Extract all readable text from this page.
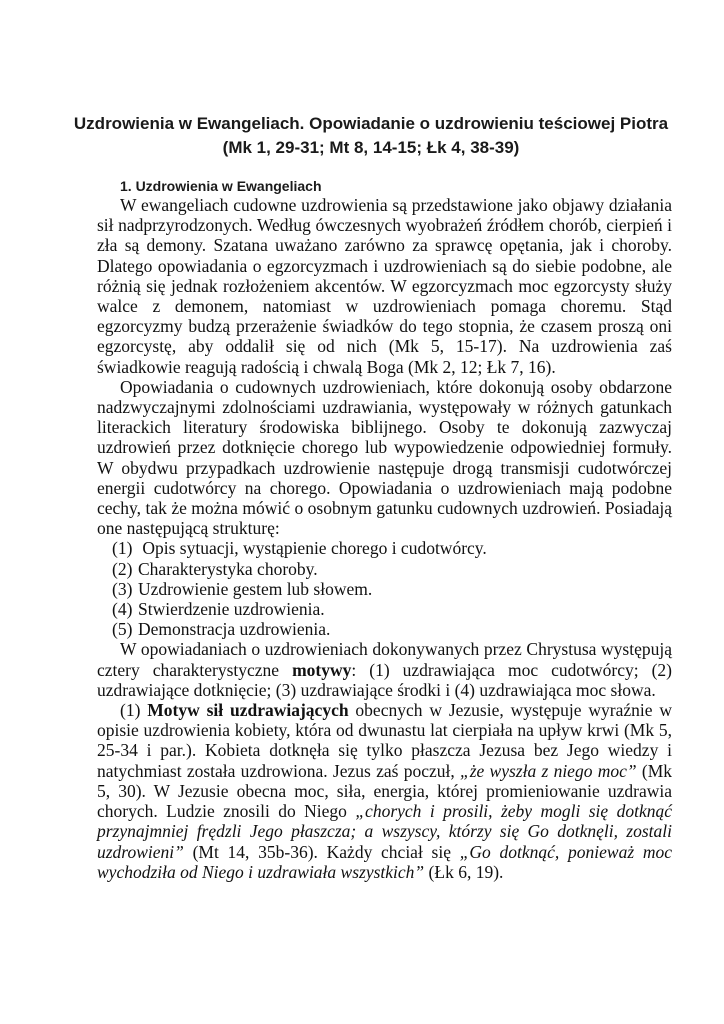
Uzdrowienia w Ewangeliach. Opowiadanie o uzdrowieniu teściowej Piotra
(Mk 1, 29-31; Mt 8, 14-15; Łk 4, 38-39)
1. Uzdrowienia w Ewangeliach

W ewangeliach cudowne uzdrowienia są przedstawione jako objawy działania sił nadprzyrodzonych. Według ówczesnych wyobrażeń źródłem chorób, cierpień i zła są demony. Szatana uważano zarówno za sprawcę opętania, jak i choroby. Dlatego opowiadania o egzorcyzmach i uzdrowieniach są do siebie podobne, ale różnią się jednak rozłożeniem akcentów. W egzorcyzmach moc egzorcysty służy walce z demonem, natomiast w uzdrowieniach pomaga choremu. Stąd egzorcyzmy budzą przerażenie świadków do tego stopnia, że czasem proszą oni egzorcystę, aby oddalił się od nich (Mk 5, 15-17). Na uzdrowienia zaś świadkowie reagują radością i chwalą Boga (Mk 2, 12; Łk 7, 16).

Opowiadania o cudownych uzdrowieniach, które dokonują osoby obdarzone nadzwyczajnymi zdolnościami uzdrawiania, występowały w różnych gatunkach literackich literatury środowiska biblijnego. Osoby te dokonują zazwyczaj uzdrowień przez dotknięcie chorego lub wypowiedzenie odpowiedniej formuły. W obydwu przypadkach uzdrowienie następuje drogą transmisji cudotwórczej energii cudotwórcy na chorego. Opowiadania o uzdrowieniach mają podobne cechy, tak że można mówić o osobnym gatunku cudownych uzdrowień. Posiadają one następującą strukturę:

(1) Opis sytuacji, wystąpienie chorego i cudotwórcy.
(2) Charakterystyka choroby.
(3) Uzdrowienie gestem lub słowem.
(4) Stwierdzenie uzdrowienia.
(5) Demonstracja uzdrowienia.

W opowiadaniach o uzdrowieniach dokonywanych przez Chrystusa występują cztery charakterystyczne motywy: (1) uzdrawiająca moc cudotwórcy; (2) uzdrawiające dotknięcie; (3) uzdrawiające środki i (4) uzdrawiająca moc słowa.

(1) Motyw sił uzdrawiających obecnych w Jezusie, występuje wyraźnie w opisie uzdrowienia kobiety, która od dwunastu lat cierpiała na upływ krwi (Mk 5, 25-34 i par.). Kobieta dotknęła się tylko płaszcza Jezusa bez Jego wiedzy i natychmiast została uzdrowiona. Jezus zaś poczuł, „że wyszła z niego moc” (Mk 5, 30). W Jezusie obecna moc, siła, energia, której promieniowanie uzdrawia chorych. Ludzie znosili do Niego „chorych i prosili, żeby mogli się dotknąć przynajmniej frędzli Jego płaszcza; a wszyscy, którzy się Go dotknęli, zostali uzdrowieni” (Mt 14, 35b-36). Każdy chciał się „Go dotknąć, ponieważ moc wychodziła od Niego i uzdrawiała wszystkich” (Łk 6, 19).
